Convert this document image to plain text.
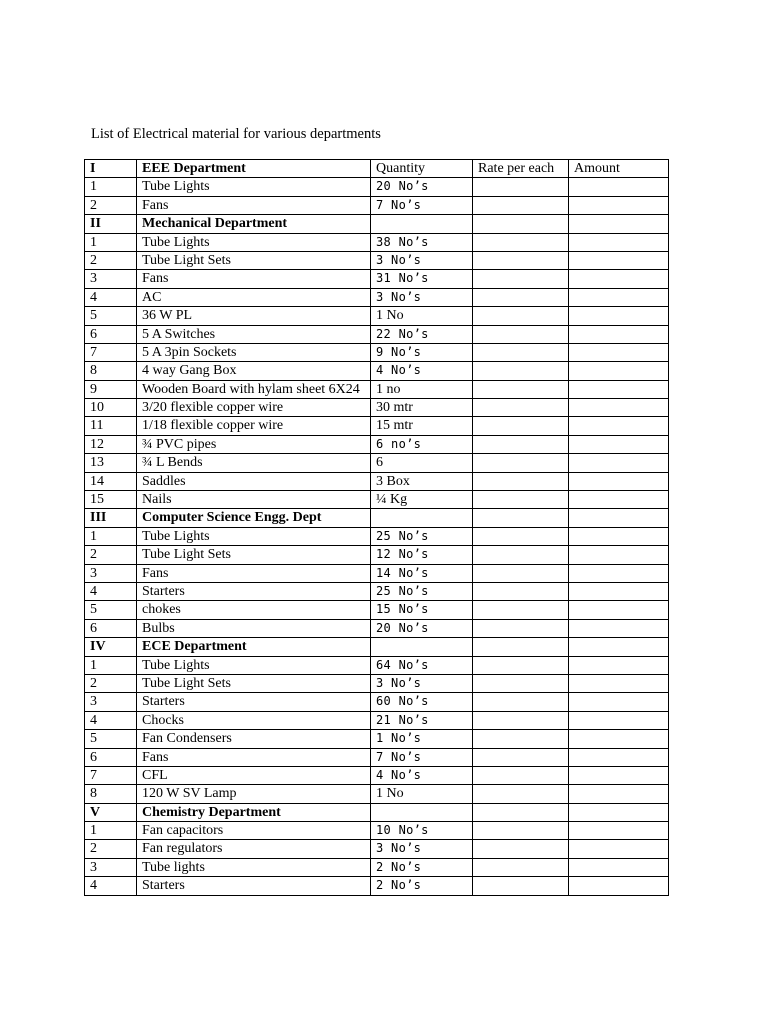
List of Electrical material for various departments
I	EEE Department	Quantity	Rate per each	Amount
1	Tube Lights	20 No’s		
2	Fans	7 No’s		
II	Mechanical Department			
1	Tube Lights	38 No’s		
2	Tube Light Sets	3 No’s		
3	Fans	31 No’s		
4	AC	3 No’s		
5	36 W PL	1 No		
6	5 A Switches	22 No’s		
7	5 A 3pin Sockets	9 No’s		
8	4 way Gang Box	4 No’s		
9	Wooden Board with hylam sheet 6X24	1 no		
10	3/20 flexible copper wire	30 mtr		
11	1/18 flexible copper wire	15 mtr		
12	¾ PVC pipes	6 no’s		
13	¾ L Bends	6		
14	Saddles	3 Box		
15	Nails	¼ Kg		
III	Computer Science Engg. Dept			
1	Tube Lights	25 No’s		
2	Tube Light Sets	12 No’s		
3	Fans	14 No’s		
4	Starters	25 No’s		
5	chokes	15 No’s		
6	Bulbs	20 No’s		
IV	ECE Department			
1	Tube Lights	64 No’s		
2	Tube Light Sets	3 No’s		
3	Starters	60 No’s		
4	Chocks	21 No’s		
5	Fan Condensers	1 No’s		
6	Fans	7 No’s		
7	CFL	4 No’s		
8	120 W SV Lamp	1 No		
V	Chemistry Department			
1	Fan capacitors	10 No’s		
2	Fan regulators	3 No’s		
3	Tube lights	2 No’s		
4	Starters	2 No’s		
